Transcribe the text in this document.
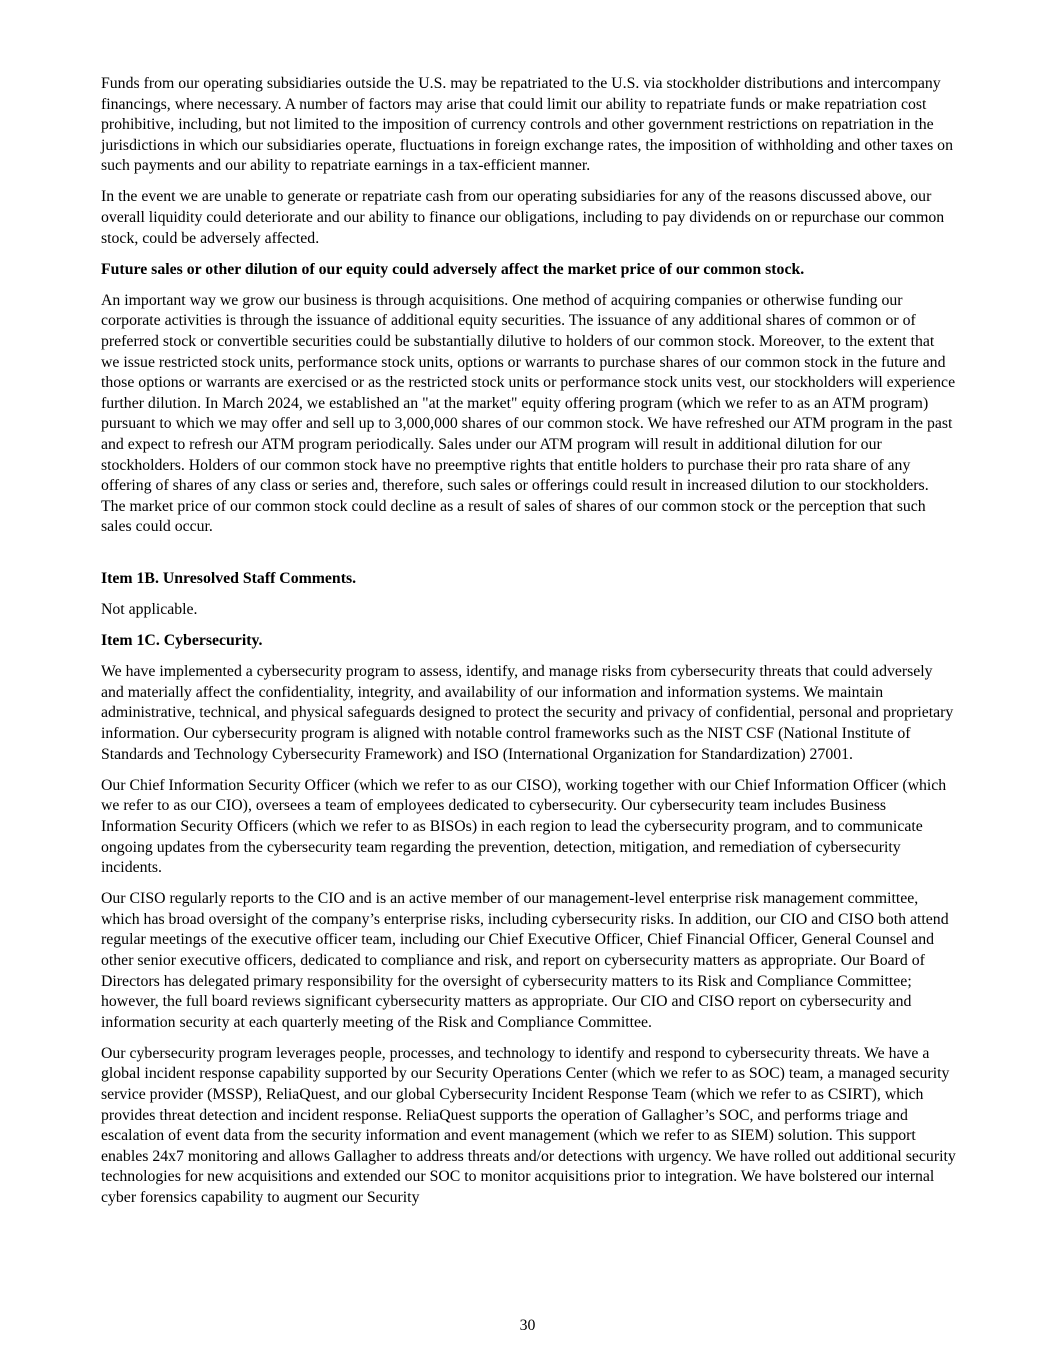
Funds from our operating subsidiaries outside the U.S. may be repatriated to the U.S. via stockholder distributions and intercompany financings, where necessary. A number of factors may arise that could limit our ability to repatriate funds or make repatriation cost prohibitive, including, but not limited to the imposition of currency controls and other government restrictions on repatriation in the jurisdictions in which our subsidiaries operate, fluctuations in foreign exchange rates, the imposition of withholding and other taxes on such payments and our ability to repatriate earnings in a tax-efficient manner.

In the event we are unable to generate or repatriate cash from our operating subsidiaries for any of the reasons discussed above, our overall liquidity could deteriorate and our ability to finance our obligations, including to pay dividends on or repurchase our common stock, could be adversely affected.

Future sales or other dilution of our equity could adversely affect the market price of our common stock.

An important way we grow our business is through acquisitions. One method of acquiring companies or otherwise funding our corporate activities is through the issuance of additional equity securities. The issuance of any additional shares of common or of preferred stock or convertible securities could be substantially dilutive to holders of our common stock. Moreover, to the extent that we issue restricted stock units, performance stock units, options or warrants to purchase shares of our common stock in the future and those options or warrants are exercised or as the restricted stock units or performance stock units vest, our stockholders will experience further dilution. In March 2024, we established an "at the market" equity offering program (which we refer to as an ATM program) pursuant to which we may offer and sell up to 3,000,000 shares of our common stock. We have refreshed our ATM program in the past and expect to refresh our ATM program periodically. Sales under our ATM program will result in additional dilution for our stockholders. Holders of our common stock have no preemptive rights that entitle holders to purchase their pro rata share of any offering of shares of any class or series and, therefore, such sales or offerings could result in increased dilution to our stockholders. The market price of our common stock could decline as a result of sales of shares of our common stock or the perception that such sales could occur.

Item 1B. Unresolved Staff Comments.

Not applicable.

Item 1C. Cybersecurity.

We have implemented a cybersecurity program to assess, identify, and manage risks from cybersecurity threats that could adversely and materially affect the confidentiality, integrity, and availability of our information and information systems. We maintain administrative, technical, and physical safeguards designed to protect the security and privacy of confidential, personal and proprietary information. Our cybersecurity program is aligned with notable control frameworks such as the NIST CSF (National Institute of Standards and Technology Cybersecurity Framework) and ISO (International Organization for Standardization) 27001.

Our Chief Information Security Officer (which we refer to as our CISO), working together with our Chief Information Officer (which we refer to as our CIO), oversees a team of employees dedicated to cybersecurity. Our cybersecurity team includes Business Information Security Officers (which we refer to as BISOs) in each region to lead the cybersecurity program, and to communicate ongoing updates from the cybersecurity team regarding the prevention, detection, mitigation, and remediation of cybersecurity incidents.

Our CISO regularly reports to the CIO and is an active member of our management-level enterprise risk management committee, which has broad oversight of the company’s enterprise risks, including cybersecurity risks. In addition, our CIO and CISO both attend regular meetings of the executive officer team, including our Chief Executive Officer, Chief Financial Officer, General Counsel and other senior executive officers, dedicated to compliance and risk, and report on cybersecurity matters as appropriate. Our Board of Directors has delegated primary responsibility for the oversight of cybersecurity matters to its Risk and Compliance Committee; however, the full board reviews significant cybersecurity matters as appropriate. Our CIO and CISO report on cybersecurity and information security at each quarterly meeting of the Risk and Compliance Committee.

Our cybersecurity program leverages people, processes, and technology to identify and respond to cybersecurity threats. We have a global incident response capability supported by our Security Operations Center (which we refer to as SOC) team, a managed security service provider (MSSP), ReliaQuest, and our global Cybersecurity Incident Response Team (which we refer to as CSIRT), which provides threat detection and incident response. ReliaQuest supports the operation of Gallagher’s SOC, and performs triage and escalation of event data from the security information and event management (which we refer to as SIEM) solution. This support enables 24x7 monitoring and allows Gallagher to address threats and/or detections with urgency. We have rolled out additional security technologies for new acquisitions and extended our SOC to monitor acquisitions prior to integration. We have bolstered our internal cyber forensics capability to augment our Security

30
